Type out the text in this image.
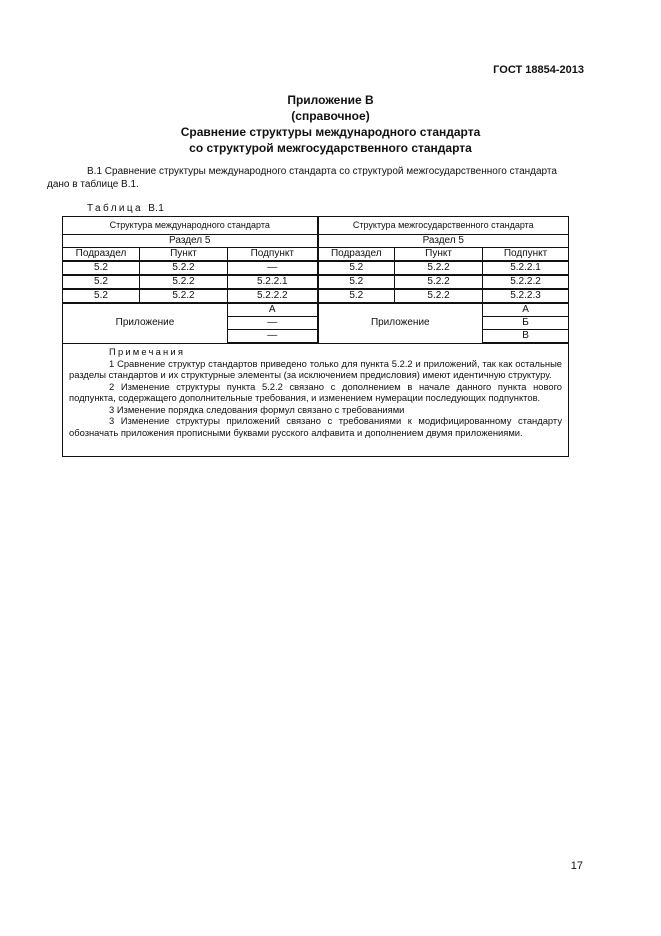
ГОСТ 18854-2013
Приложение В
(справочное)
Сравнение структуры международного стандарта
со структурой межгосударственного стандарта

В.1 Сравнение структуры международного стандарта со структурой межгосударственного стандарта дано в таблице В.1.

Таблица В.1
Структура международного стандарта			Структура межгосударственного стандарта		
Раздел 5			Раздел 5		
Подраздел	Пункт	Подпункт	Подраздел	Пункт	Подпункт
5.2	5.2.2	—	5.2	5.2.2	5.2.2.1
5.2	5.2.2	5.2.2.1	5.2	5.2.2	5.2.2.2
5.2	5.2.2	5.2.2.2	5.2	5.2.2	5.2.2.3
Приложение		А	Приложение		А
		—			Б
		—			В

Примечания

1 Сравнение структур стандартов приведено только для пункта 5.2.2 и приложений, так как остальные разделы стандартов и их структурные элементы (за исключением предисловия) имеют идентичную структуру.

2 Изменение структуры пункта 5.2.2 связано с дополнением в начале данного пункта нового подпункта, содержащего дополнительные требования, и изменением нумерации последующих подпунктов.

3 Изменение порядка следования формул связано с требованиями

3 Изменение структуры приложений связано с требованиями к модифицированному стандарту обозначать приложения прописными буквами русского алфавита и дополнением двумя приложениями.					

17
